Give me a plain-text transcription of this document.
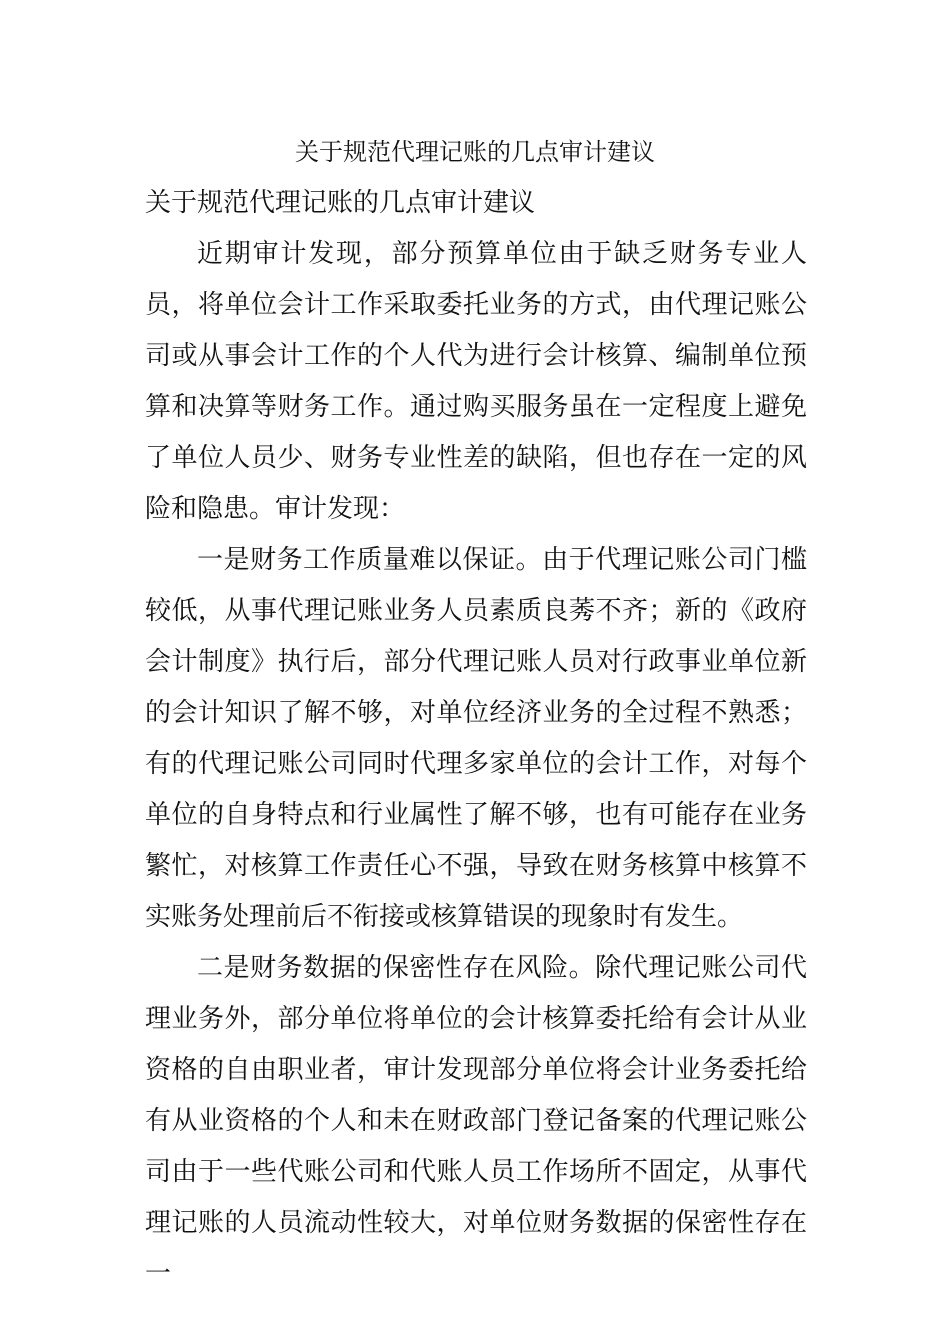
关于规范代理记账的几点审计建议

关于规范代理记账的几点审计建议

近期审计发现，部分预算单位由于缺乏财务专业人员，将单位会计工作采取委托业务的方式，由代理记账公司或从事会计工作的个人代为进行会计核算、编制单位预算和决算等财务工作。通过购买服务虽在一定程度上避免了单位人员少、财务专业性差的缺陷，但也存在一定的风险和隐患。审计发现：

一是财务工作质量难以保证。由于代理记账公司门槛较低，从事代理记账业务人员素质良莠不齐；新的《政府会计制度》执行后，部分代理记账人员对行政事业单位新的会计知识了解不够，对单位经济业务的全过程不熟悉；有的代理记账公司同时代理多家单位的会计工作，对每个单位的自身特点和行业属性了解不够，也有可能存在业务繁忙，对核算工作责任心不强，导致在财务核算中核算不实账务处理前后不衔接或核算错误的现象时有发生。

二是财务数据的保密性存在风险。除代理记账公司代理业务外，部分单位将单位的会计核算委托给有会计从业资格的自由职业者，审计发现部分单位将会计业务委托给有从业资格的个人和未在财政部门登记备案的代理记账公司由于一些代账公司和代账人员工作场所不固定，从事代理记账的人员流动性较大，对单位财务数据的保密性存在一
